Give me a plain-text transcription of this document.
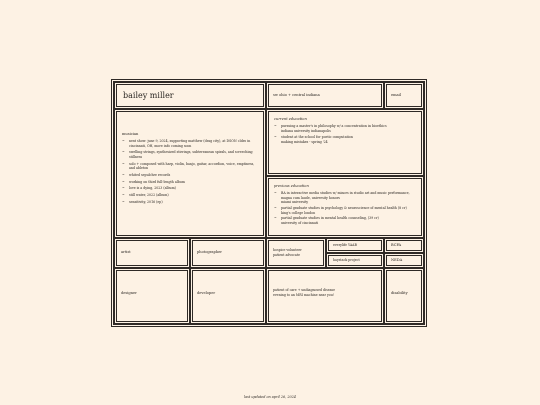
bailey miller	sw ohio + central indiana	email
musician
~ next show: june 9, 2024, supporting matthew (drag city), at DSON cIdro in cincinnati, OH, more info coming soon
~ swelling strings, synthesized stirrings, subterranean spirals, and screeching stillness
~ solo + composed with harp, violin, banjo, guitar, accordion, voice, emptiness, and ableton
~ whited sepulchre records
~ working on third full-length album
~ love is a dying, 2023 (album)
~ still water, 2022 (album)
~ sensitivity, 2016 (ep)
current education
~ pursuing a master's in philosophy w/ a concentration in bioethics
indiana university indianapolis
~ student at the school for poetic computation
making mistakes - spring '24
previous education
~ BA in interactive media studies w/ minors in studio art and music performance, magna cum laude, university honors
miami university
~ partial graduate studies in psychology & neuroscience of mental health (8 cr)
king's college london
~ partial graduate studies in mental health counseling, (39 cr)
university of cincinnati
artist	photographer
hospice volunteer
patient advocate
everylife YAAB	BCPA
haystack project	NEDA
designer	developer
patient of care + undiagnosed disease
evening to an MRI machine near you!	disability
last updated on april 26, 2024
